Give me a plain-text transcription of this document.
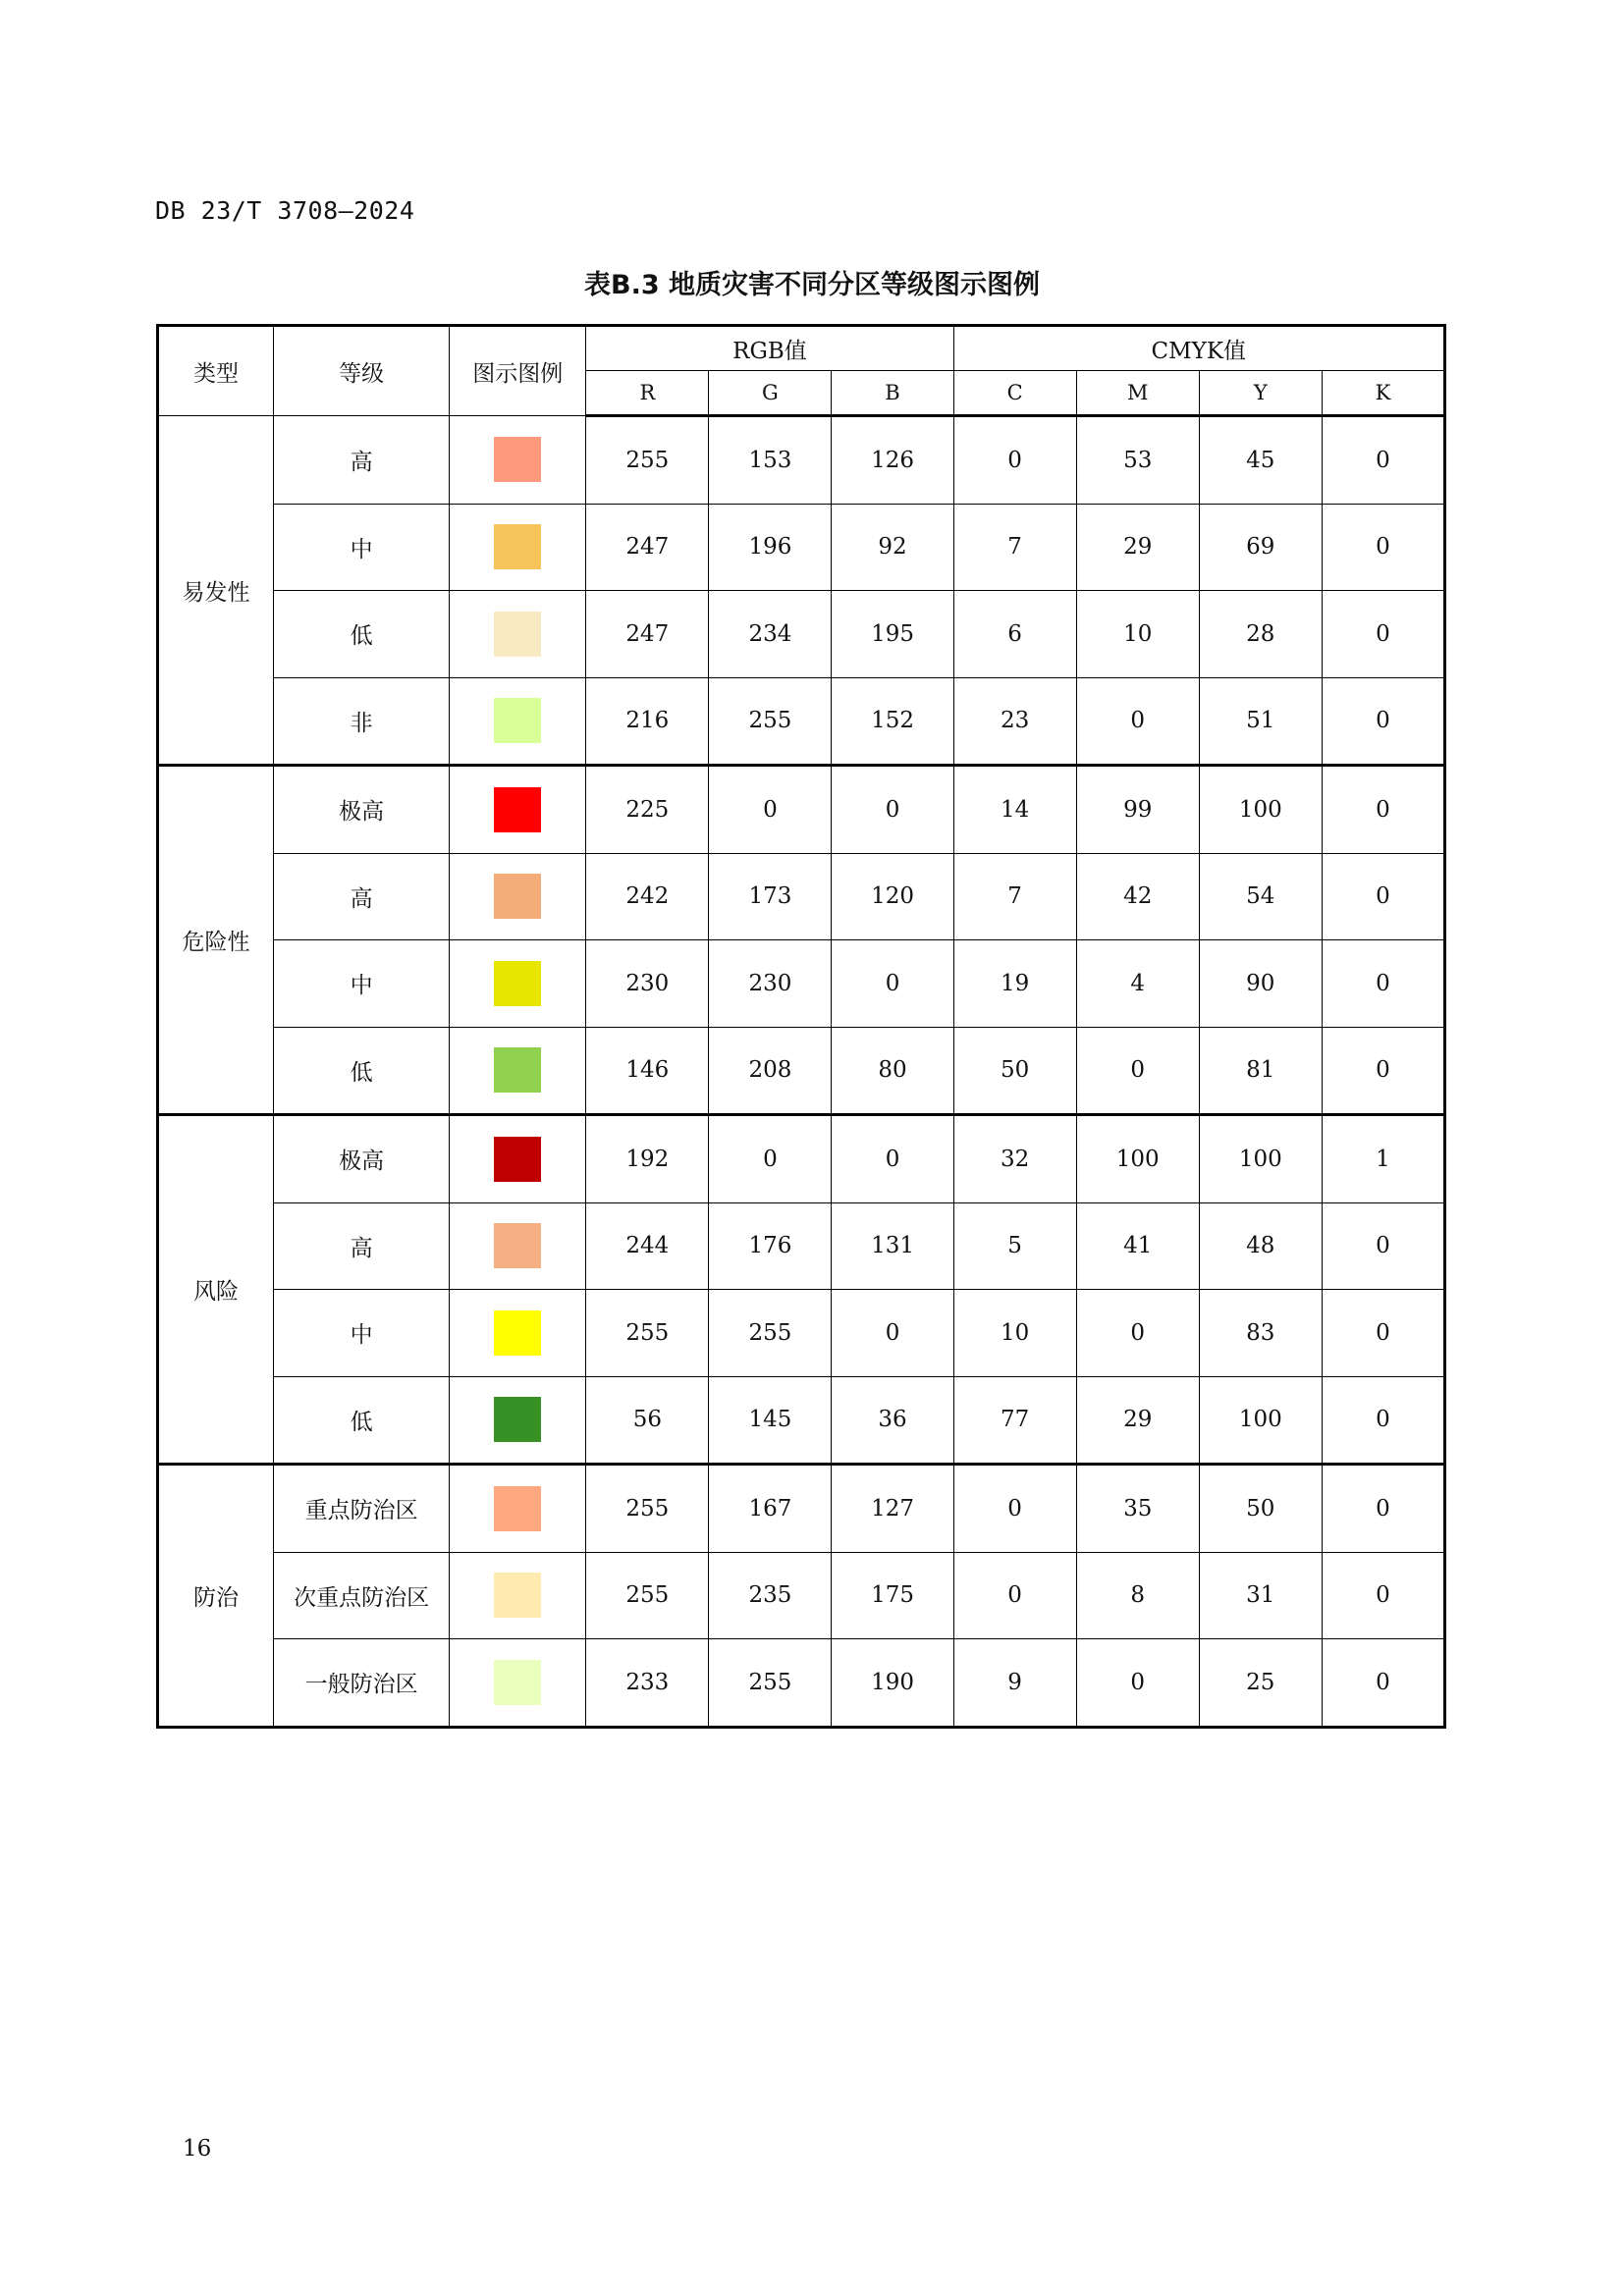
DB 23/T 3708—2024
表B.3 地质灾害不同分区等级图示图例
类型	等级	图示图例	RGB值			CMYK值			
			R	G	B	C	M	Y	K
易发性	高		255	153	126	0	53	45	0
	中		247	196	92	7	29	69	0
	低		247	234	195	6	10	28	0
	非		216	255	152	23	0	51	0
危险性	极高		225	0	0	14	99	100	0
	高		242	173	120	7	42	54	0
	中		230	230	0	19	4	90	0
	低		146	208	80	50	0	81	0
风险	极高		192	0	0	32	100	100	1
	高		244	176	131	5	41	48	0
	中		255	255	0	10	0	83	0
	低		56	145	36	77	29	100	0
防治	重点防治区		255	167	127	0	35	50	0
	次重点防治区		255	235	175	0	8	31	0
	一般防治区		233	255	190	9	0	25	0
16
